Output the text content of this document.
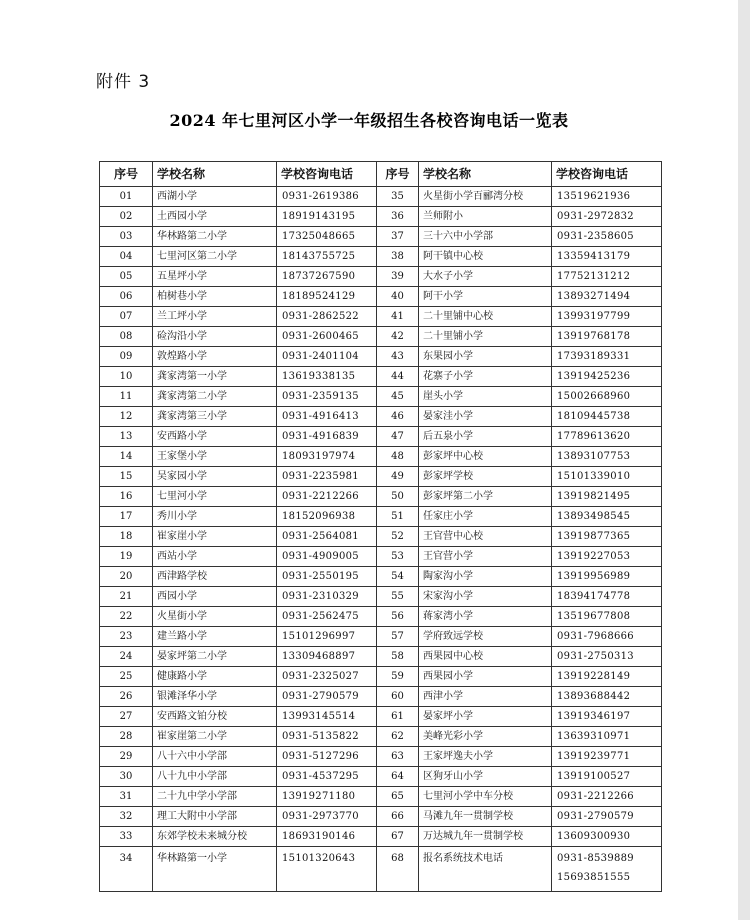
附件 3
2024 年七里河区小学一年级招生各校咨询电话一览表
序号	学校名称	学校咨询电话	序号	学校名称	学校咨询电话
01	西湖小学	0931-2619386	35	火星街小学百郦湾分校	13519621936
02	土西园小学	18919143195	36	兰师附小	0931-2972832
03	华林路第二小学	17325048665	37	三十六中小学部	0931-2358605
04	七里河区第二小学	18143755725	38	阿干镇中心校	13359413179
05	五星坪小学	18737267590	39	大水子小学	17752131212
06	柏树巷小学	18189524129	40	阿干小学	13893271494
07	兰工坪小学	0931-2862522	41	二十里铺中心校	13993197799
08	硷沟沿小学	0931-2600465	42	二十里铺小学	13919768178
09	敦煌路小学	0931-2401104	43	东果园小学	17393189331
10	龚家湾第一小学	13619338135	44	花寨子小学	13919425236
11	龚家湾第二小学	0931-2359135	45	崖头小学	15002668960
12	龚家湾第三小学	0931-4916413	46	晏家洼小学	18109445738
13	安西路小学	0931-4916839	47	后五泉小学	17789613620
14	王家堡小学	18093197974	48	彭家坪中心校	13893107753
15	吴家园小学	0931-2235981	49	彭家坪学校	15101339010
16	七里河小学	0931-2212266	50	彭家坪第二小学	13919821495
17	秀川小学	18152096938	51	任家庄小学	13893498545
18	崔家崖小学	0931-2564081	52	王官营中心校	13919877365
19	西站小学	0931-4909005	53	王官营小学	13919227053
20	西津路学校	0931-2550195	54	陶家沟小学	13919956989
21	西园小学	0931-2310329	55	宋家沟小学	18394174778
22	火星街小学	0931-2562475	56	蒋家湾小学	13519677808
23	建兰路小学	15101296997	57	学府致远学校	0931-7968666
24	晏家坪第二小学	13309468897	58	西果园中心校	0931-2750313
25	健康路小学	0931-2325027	59	西果园小学	13919228149
26	银滩泽华小学	0931-2790579	60	西津小学	13893688442
27	安西路文铂分校	13993145514	61	晏家坪小学	13919346197
28	崔家崖第二小学	0931-5135822	62	美峰光彩小学	13639310971
29	八十六中小学部	0931-5127296	63	王家坪逸夫小学	13919239771
30	八十九中小学部	0931-4537295	64	区狗牙山小学	13919100527
31	二十九中学小学部	13919271180	65	七里河小学中车分校	0931-2212266
32	理工大附中小学部	0931-2973770	66	马滩九年一贯制学校	0931-2790579
33	东郊学校未来城分校	18693190146	67	万达城九年一贯制学校	13609300930
34	华林路第一小学	15101320643	68	报名系统技术电话	0931-8539889
15693851555
